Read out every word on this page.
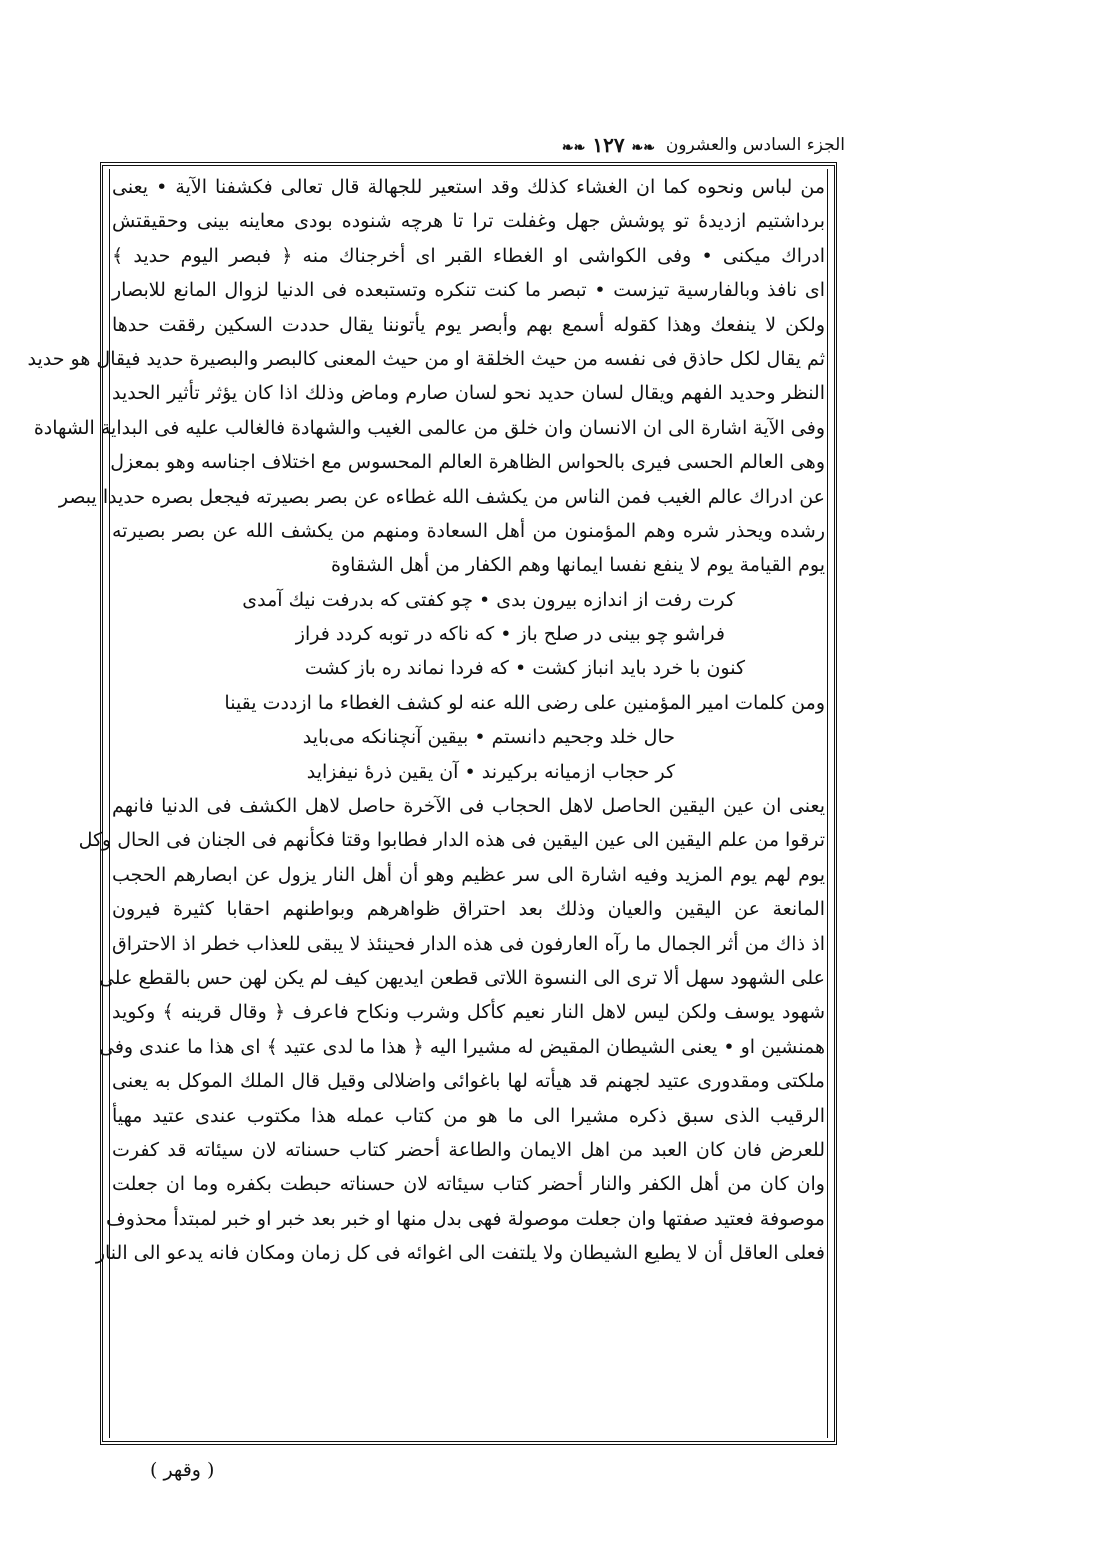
الجزء السادس والعشرون
❧❧ ١٢٧ ❧❧
من لباس ونحوه كما ان الغشاء كذلك وقد استعير للجهالة قال تعالى فكشفنا الآية • يعنى
برداشتيم ازديدهٔ تو پوشش جهل وغفلت ترا تا هرچه شنوده بودى معاينه بينى وحقيقتش
ادراك ميكنى • وفى الكواشى او الغطاء القبر اى أخرجناك منه ﴿ فبصر اليوم حديد ﴾
اى نافذ وبالفارسية تيزست • تبصر ما كنت تنكره وتستبعده فى الدنيا لزوال المانع للابصار
ولكن لا ينفعك وهذا كقوله أسمع بهم وأبصر يوم يأتوننا يقال حددت السكين رققت حدها
ثم يقال لكل حاذق فى نفسه من حيث الخلقة او من حيث المعنى كالبصر والبصيرة حديد فيقال هو حديد
النظر وحديد الفهم ويقال لسان حديد نحو لسان صارم وماض وذلك اذا كان يؤثر تأثير الحديد
وفى الآية اشارة الى ان الانسان وان خلق من عالمى الغيب والشهادة فالغالب عليه فى البداية الشهادة
وهى العالم الحسى فيرى بالحواس الظاهرة العالم المحسوس مع اختلاف اجناسه وهو بمعزل
عن ادراك عالم الغيب فمن الناس من يكشف الله غطاءه عن بصر بصيرته فيجعل بصره حديدا يبصر
رشده ويحذر شره وهم المؤمنون من أهل السعادة ومنهم من يكشف الله عن بصر بصيرته
يوم القيامة يوم لا ينفع نفسا ايمانها وهم الكفار من أهل الشقاوة
كرت رفت از اندازه بيرون بدى • چو كفتى كه بدرفت نيك آمدى
فراشو چو بينى در صلح باز • كه ناكه در توبه كردد فراز
كنون با خرد بايد انباز كشت • كه فردا نماند ره باز كشت
ومن كلمات امير المؤمنين على رضى الله عنه لو كشف الغطاء ما ازددت يقينا
حال خلد وجحيم دانستم • بيقين آنچنانكه مى‌بايد
كر حجاب ازميانه بركيرند • آن يقين ذرهٔ نيفزايد
يعنى ان عين اليقين الحاصل لاهل الحجاب فى الآخرة حاصل لاهل الكشف فى الدنيا فانهم
ترقوا من علم اليقين الى عين اليقين فى هذه الدار فطابوا وقتا فكأنهم فى الجنان فى الحال وكل
يوم لهم يوم المزيد وفيه اشارة الى سر عظيم وهو أن أهل النار يزول عن ابصارهم الحجب
المانعة عن اليقين والعيان وذلك بعد احتراق ظواهرهم وبواطنهم احقابا كثيرة فيرون
اذ ذاك من أثر الجمال ما رآه العارفون فى هذه الدار فحينئذ لا يبقى للعذاب خطر اذ الاحتراق
على الشهود سهل ألا ترى الى النسوة اللاتى قطعن ايديهن كيف لم يكن لهن حس بالقطع على
شهود يوسف ولكن ليس لاهل النار نعيم كأكل وشرب ونكاح فاعرف ﴿ وقال قرينه ﴾ وكويد
همنشين او • يعنى الشيطان المقيض له مشيرا اليه ﴿ هذا ما لدى عتيد ﴾ اى هذا ما عندى وفى
ملكتى ومقدورى عتيد لجهنم قد هيأته لها باغوائى واضلالى وقيل قال الملك الموكل به يعنى
الرقيب الذى سبق ذكره مشيرا الى ما هو من كتاب عمله هذا مكتوب عندى عتيد مهيأ
للعرض فان كان العبد من اهل الايمان والطاعة أحضر كتاب حسناته لان سيئاته قد كفرت
وان كان من أهل الكفر والنار أحضر كتاب سيئاته لان حسناته حبطت بكفره وما ان جعلت
موصوفة فعتيد صفتها وان جعلت موصولة فهى بدل منها او خبر بعد خبر او خبر لمبتدأ محذوف
فعلى العاقل أن لا يطيع الشيطان ولا يلتفت الى اغوائه فى كل زمان ومكان فانه يدعو الى النار
( وقهر )
